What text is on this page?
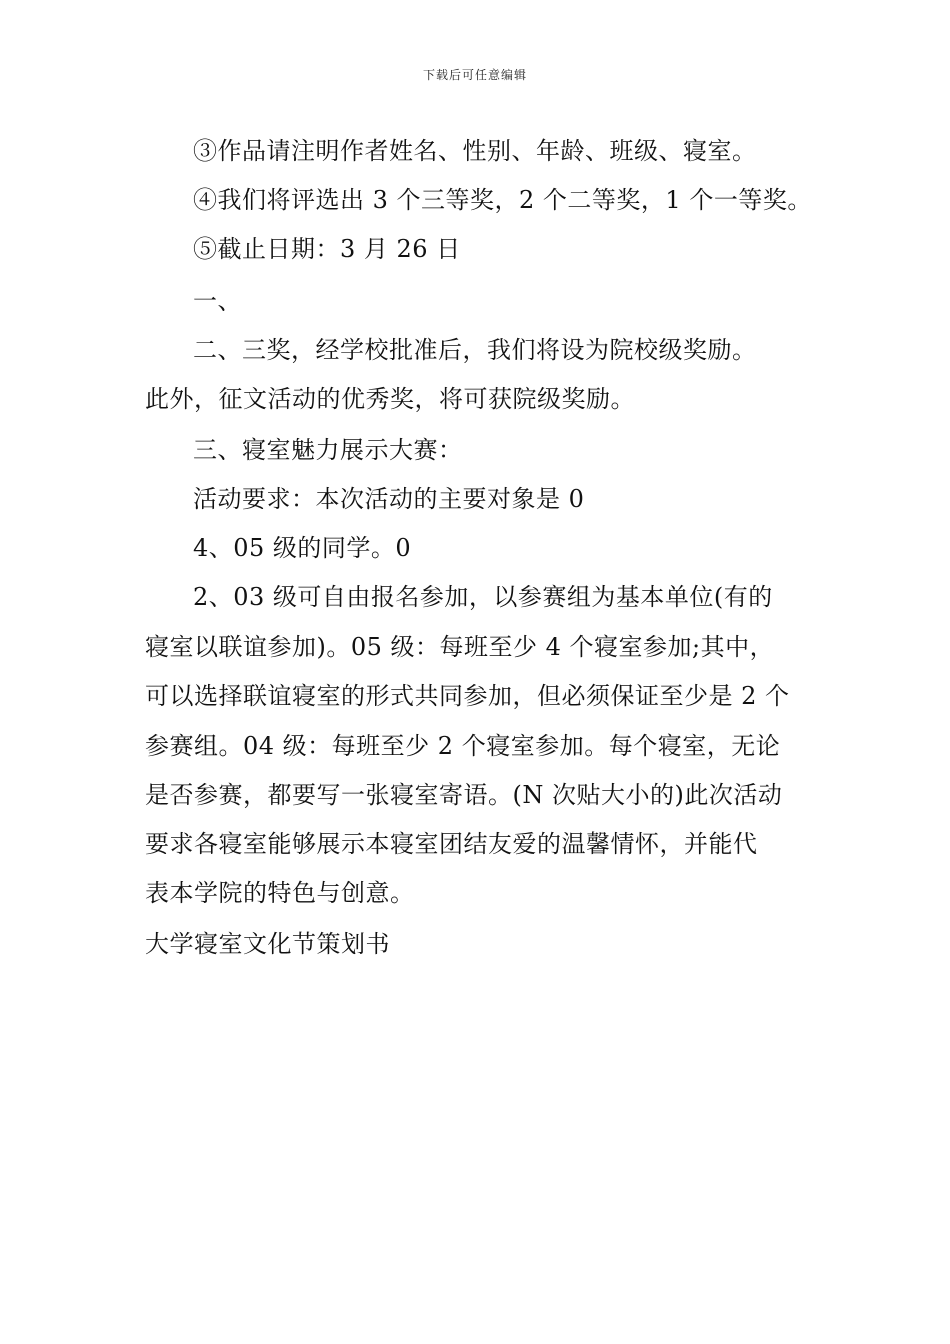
下载后可任意编辑
③作品请注明作者姓名、性别、年龄、班级、寝室。
④我们将评选出 3 个三等奖，2 个二等奖，1 个一等奖。
⑤截止日期：3 月 26 日
一、
二、三奖，经学校批准后，我们将设为院校级奖励。
此外，征文活动的优秀奖，将可获院级奖励。
三、寝室魅力展示大赛：
活动要求：本次活动的主要对象是 0
4、05 级的同学。0
2、03 级可自由报名参加，以参赛组为基本单位(有的
寝室以联谊参加)。05 级：每班至少 4 个寝室参加;其中，
可以选择联谊寝室的形式共同参加，但必须保证至少是 2 个
参赛组。04 级：每班至少 2 个寝室参加。每个寝室，无论
是否参赛，都要写一张寝室寄语。(N 次贴大小的)此次活动
要求各寝室能够展示本寝室团结友爱的温馨情怀，并能代
表本学院的特色与创意。
大学寝室文化节策划书
